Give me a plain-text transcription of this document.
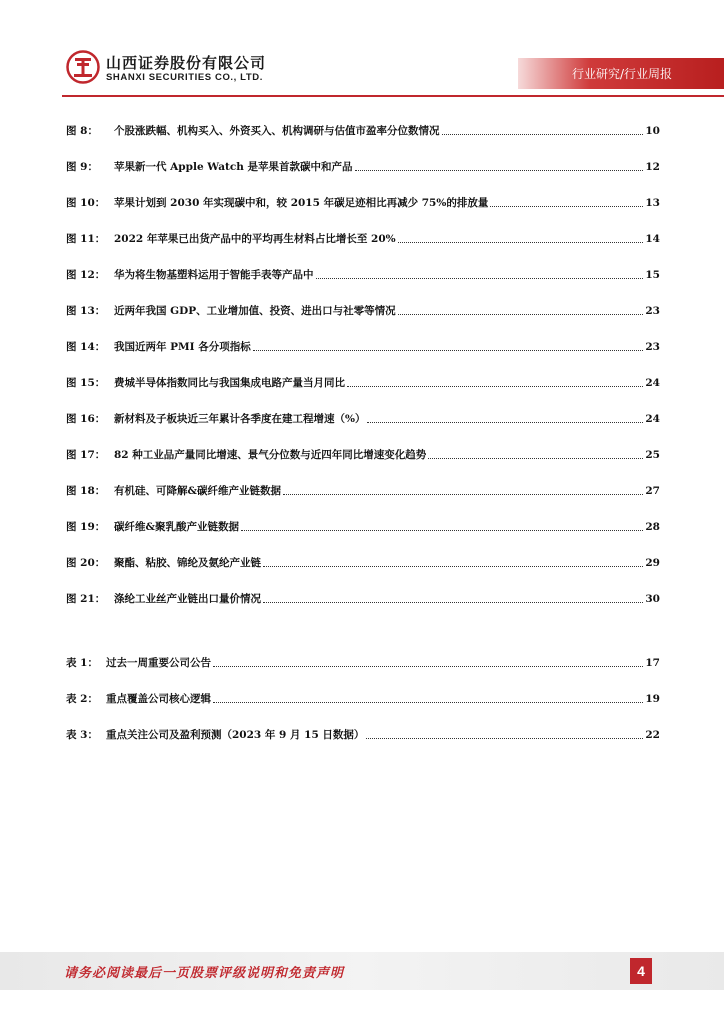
山西证券股份有限公司
SHANXI SECURITIES CO., LTD.	行业研究/行业周报
图 8：	个股涨跌幅、机构买入、外资买入、机构调研与估值市盈率分位数情况	10
图 9：	苹果新一代 Apple Watch 是苹果首款碳中和产品	12
图 10： 苹果计划到 2030 年实现碳中和，较 2015 年碳足迹相比再减少 75%的排放量	13
图 11： 2022 年苹果已出货产品中的平均再生材料占比增长至 20%	14
图 12： 华为将生物基塑料运用于智能手表等产品中	15
图 13： 近两年我国 GDP、工业增加值、投资、进出口与社零等情况	23
图 14： 我国近两年 PMI 各分项指标	23
图 15： 费城半导体指数同比与我国集成电路产量当月同比	24
图 16： 新材料及子板块近三年累计各季度在建工程增速（%）	24
图 17： 82 种工业品产量同比增速、景气分位数与近四年同比增速变化趋势	25
图 18： 有机硅、可降解&碳纤维产业链数据	27
图 19： 碳纤维&聚乳酸产业链数据	28
图 20： 聚酯、粘胶、锦纶及氨纶产业链	29
图 21： 涤纶工业丝产业链出口量价情况	30
表 1： 过去一周重要公司公告	17
表 2： 重点覆盖公司核心逻辑	19
表 3： 重点关注公司及盈利预测（2023 年 9 月 15 日数据）	22
请务必阅读最后一页股票评级说明和免责声明	4
